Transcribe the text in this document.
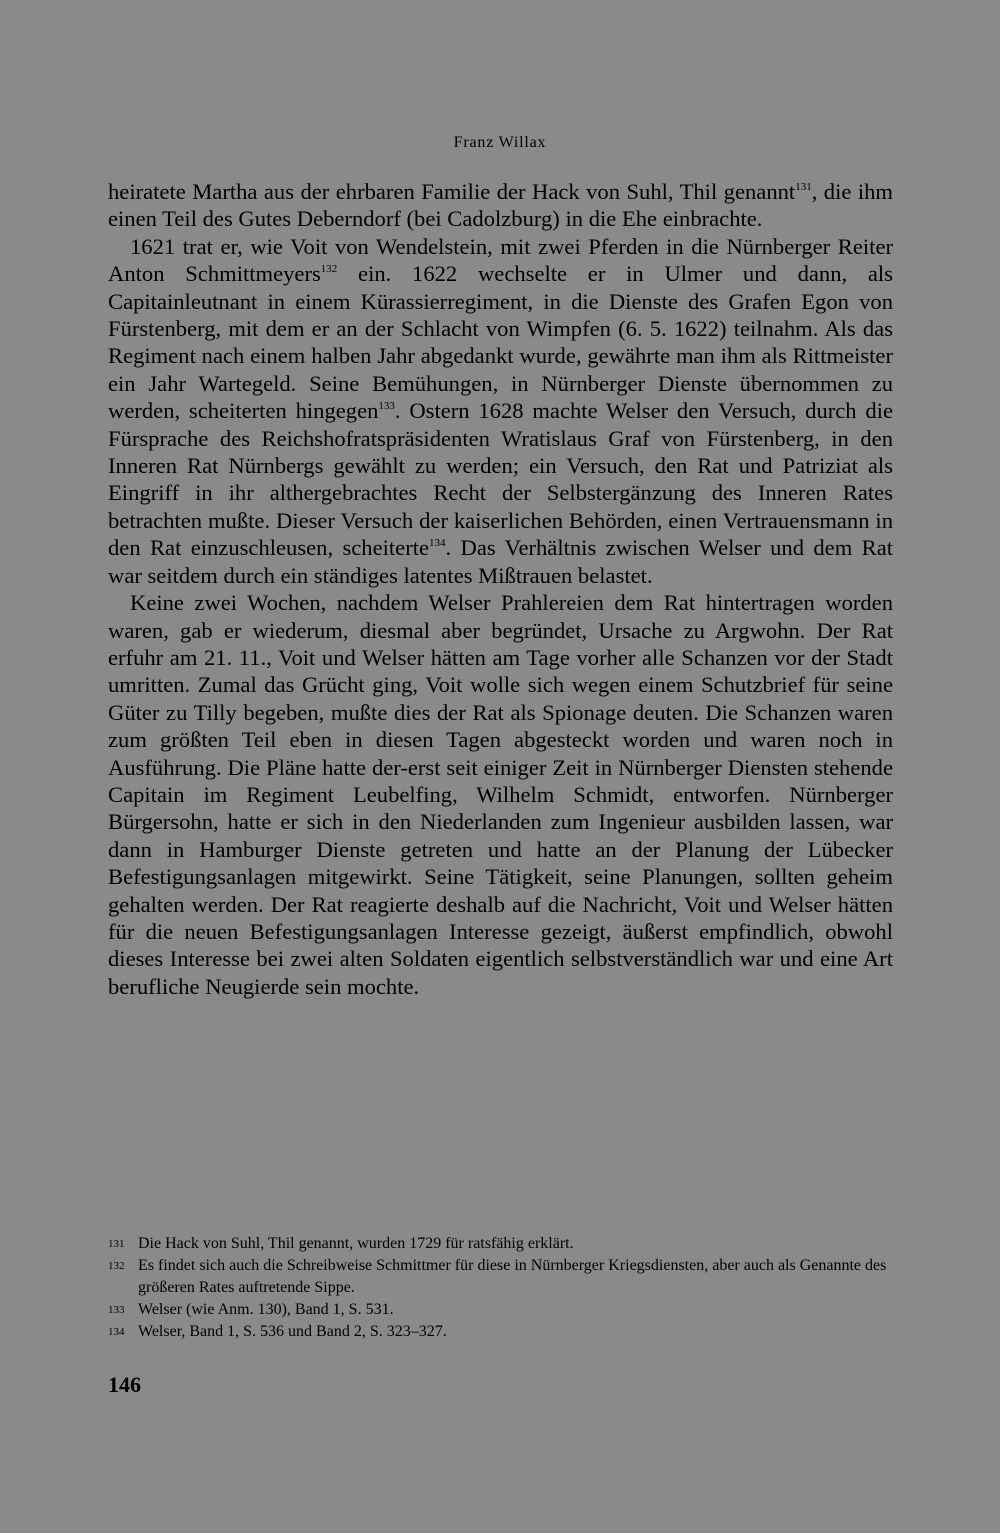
Franz Willax

heiratete Martha aus der ehrbaren Familie der Hack von Suhl, Thil genannt$^{131}$, die ihm einen Teil des Gutes Deberndorf (bei Cadolzburg) in die Ehe einbrachte.

1621 trat er, wie Voit von Wendelstein, mit zwei Pferden in die Nürnberger Reiter Anton Schmittmeyers$^{132}$ ein. 1622 wechselte er in Ulmer und dann, als Capitainleutnant in einem Kürassierregiment, in die Dienste des Grafen Egon von Fürstenberg, mit dem er an der Schlacht von Wimpfen (6. 5. 1622) teilnahm. Als das Regiment nach einem halben Jahr abgedankt wurde, gewährte man ihm als Rittmeister ein Jahr Wartegeld. Seine Bemühungen, in Nürnberger Dienste übernommen zu werden, scheiterten hingegen$^{133}$. Ostern 1628 machte Welser den Versuch, durch die Fürsprache des Reichshofratspräsidenten Wratislaus Graf von Fürstenberg, in den Inneren Rat Nürnbergs gewählt zu werden; ein Versuch, den Rat und Patriziat als Eingriff in ihr althergebrachtes Recht der Selbstergänzung des Inneren Rates betrachten mußte. Dieser Versuch der kaiserlichen Behörden, einen Vertrauensmann in den Rat einzuschleusen, scheiterte$^{134}$. Das Verhältnis zwischen Welser und dem Rat war seitdem durch ein ständiges latentes Mißtrauen belastet.

Keine zwei Wochen, nachdem Welser Prahlereien dem Rat hintertragen worden waren, gab er wiederum, diesmal aber begründet, Ursache zu Argwohn. Der Rat erfuhr am 21. 11., Voit und Welser hätten am Tage vorher alle Schanzen vor der Stadt umritten. Zumal das Grücht ging, Voit wolle sich wegen einem Schutzbrief für seine Güter zu Tilly begeben, mußte dies der Rat als Spionage deuten. Die Schanzen waren zum größten Teil eben in diesen Tagen abgesteckt worden und waren noch in Ausführung. Die Pläne hatte der-erst seit einiger Zeit in Nürnberger Diensten stehende Capitain im Regiment Leubelfing, Wilhelm Schmidt, entworfen. Nürnberger Bürgersohn, hatte er sich in den Niederlanden zum Ingenieur ausbilden lassen, war dann in Hamburger Dienste getreten und hatte an der Planung der Lübecker Befestigungsanlagen mitgewirkt. Seine Tätigkeit, seine Planungen, sollten geheim gehalten werden. Der Rat reagierte deshalb auf die Nachricht, Voit und Welser hätten für die neuen Befestigungsanlagen Interesse gezeigt, äußerst empfindlich, obwohl dieses Interesse bei zwei alten Soldaten eigentlich selbstverständlich war und eine Art berufliche Neugierde sein mochte.

131 Die Hack von Suhl, Thil genannt, wurden 1729 für ratsfähig erklärt.
132 Es findet sich auch die Schreibweise Schmittmer für diese in Nürnberger Kriegsdiensten, aber auch als Genannte des größeren Rates auftretende Sippe.
133 Welser (wie Anm. 130), Band 1, S. 531.
134 Welser, Band 1, S. 536 und Band 2, S. 323–327.
146
